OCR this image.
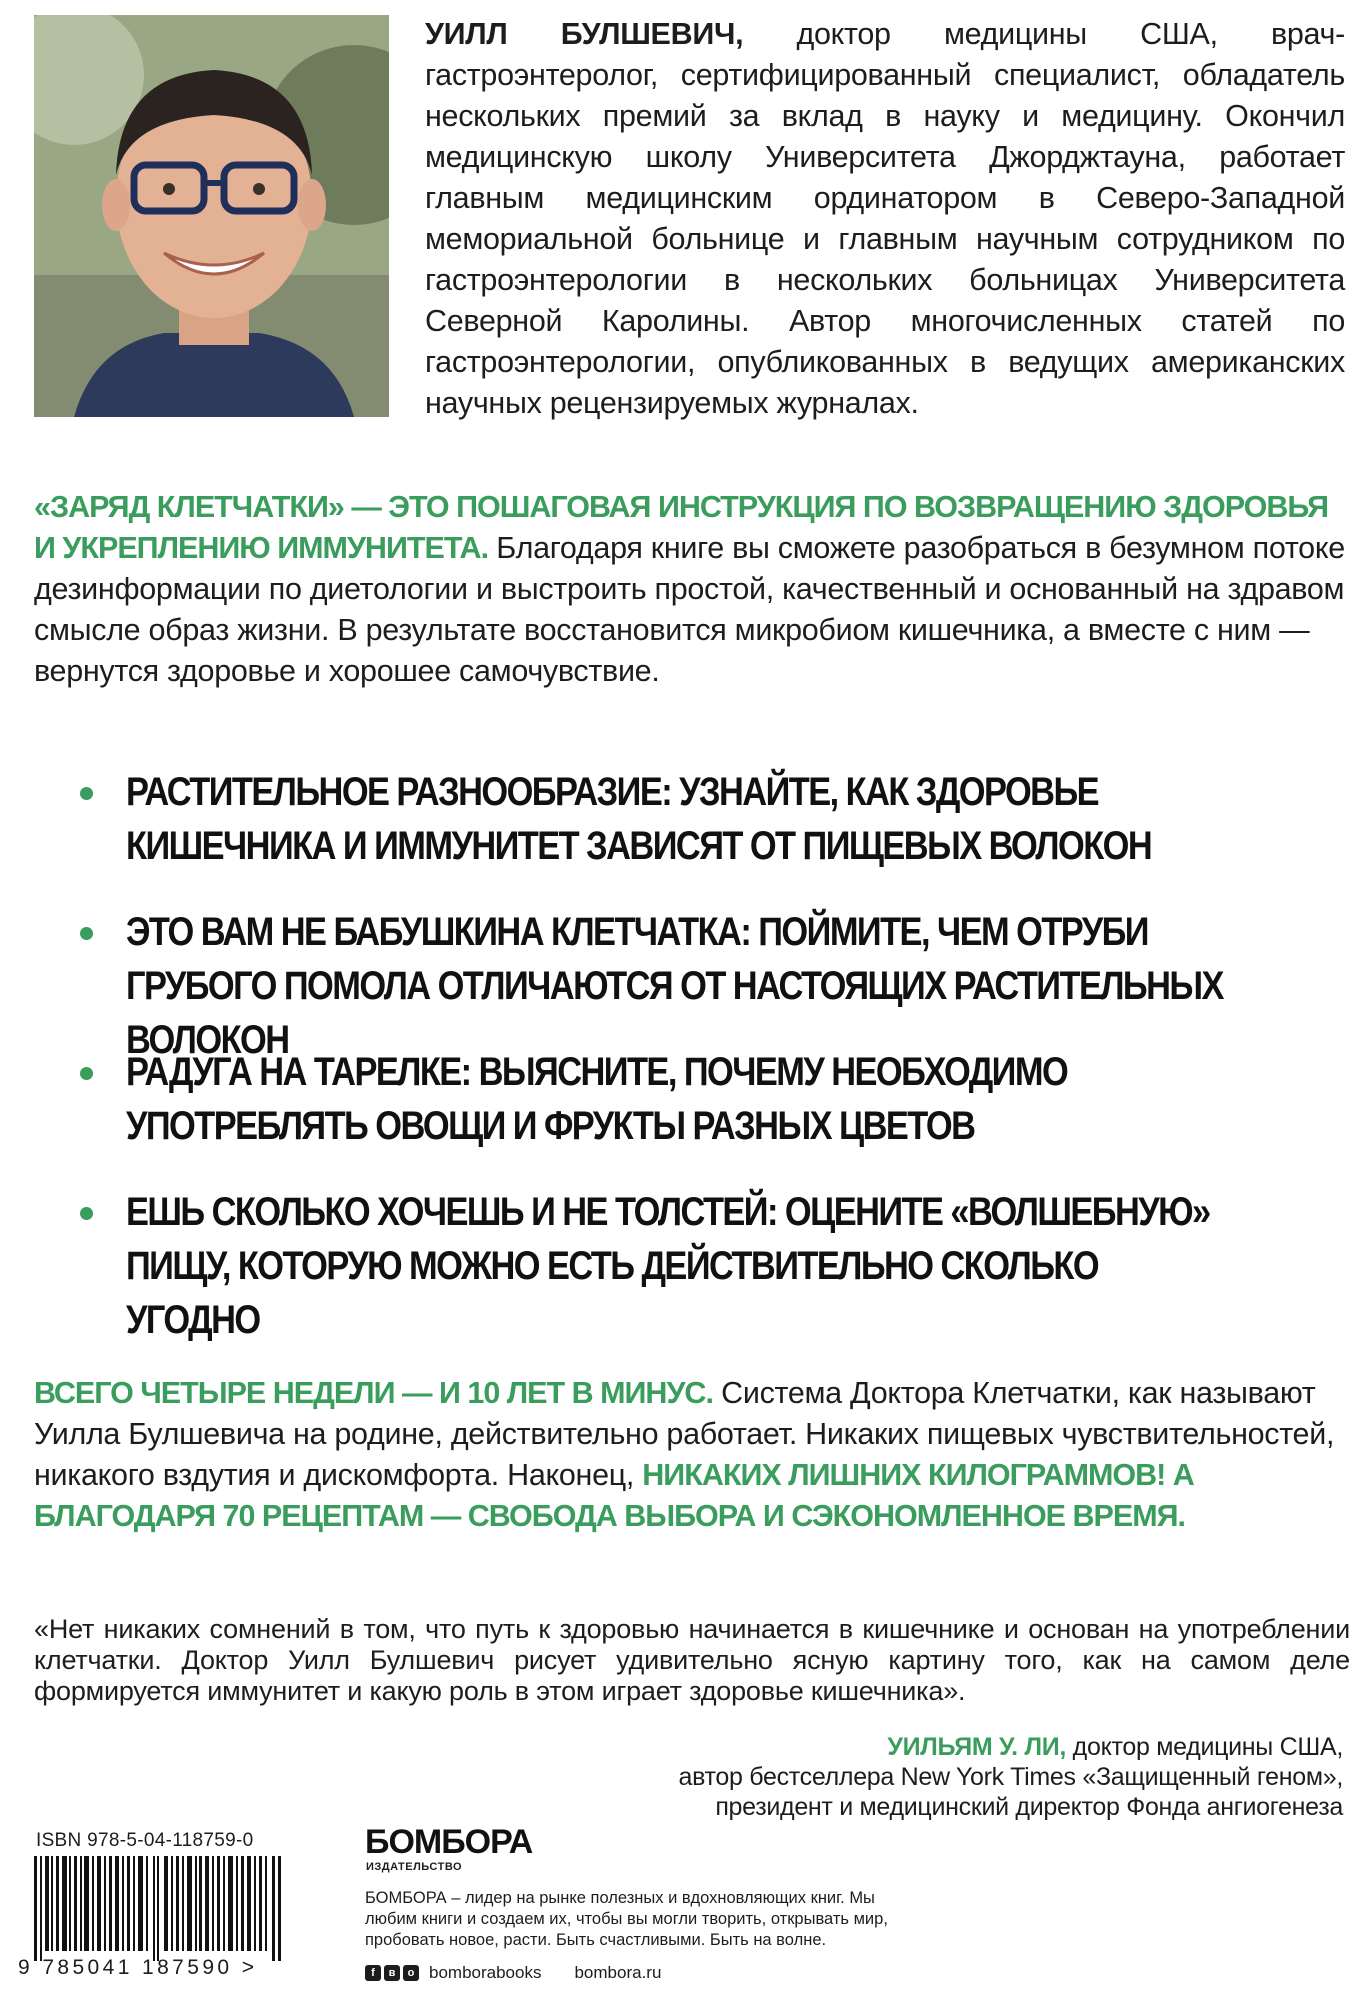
УИЛЛ БУЛШЕВИЧ, доктор медицины США, врач-гастроэнтеролог, сертифицированный специалист, обладатель нескольких премий за вклад в науку и медицину. Окончил медицинскую школу Университета Джорджтауна, работает главным медицинским ординатором в Северо-Западной мемориальной больнице и главным научным сотрудником по гастроэнтерологии в нескольких больницах Университета Северной Каролины. Автор многочисленных статей по гастроэнтерологии, опубликованных в ведущих американских научных рецензируемых журналах.
«ЗАРЯД КЛЕТЧАТКИ» — ЭТО ПОШАГОВАЯ ИНСТРУКЦИЯ ПО ВОЗВРАЩЕНИЮ ЗДОРОВЬЯ И УКРЕПЛЕНИЮ ИММУНИТЕТА. Благодаря книге вы сможете разобраться в безумном потоке дезинформации по диетологии и выстроить простой, качественный и основанный на здравом смысле образ жизни. В результате восстановится микробиом кишечника, а вместе с ним — вернутся здоровье и хорошее самочувствие.
РАСТИТЕЛЬНОЕ РАЗНООБРАЗИЕ: УЗНАЙТЕ, КАК ЗДОРОВЬЕ КИШЕЧНИКА И ИММУНИТЕТ ЗАВИСЯТ ОТ ПИЩЕВЫХ ВОЛОКОН
ЭТО ВАМ НЕ БАБУШКИНА КЛЕТЧАТКА: ПОЙМИТЕ, ЧЕМ ОТРУБИ ГРУБОГО ПОМОЛА ОТЛИЧАЮТСЯ ОТ НАСТОЯЩИХ РАСТИТЕЛЬНЫХ ВОЛОКОН
РАДУГА НА ТАРЕЛКЕ: ВЫЯСНИТЕ, ПОЧЕМУ НЕОБХОДИМО УПОТРЕБЛЯТЬ ОВОЩИ И ФРУКТЫ РАЗНЫХ ЦВЕТОВ
ЕШЬ СКОЛЬКО ХОЧЕШЬ И НЕ ТОЛСТЕЙ: ОЦЕНИТЕ «ВОЛШЕБНУЮ» ПИЩУ, КОТОРУЮ МОЖНО ЕСТЬ ДЕЙСТВИТЕЛЬНО СКОЛЬКО УГОДНО
ВСЕГО ЧЕТЫРЕ НЕДЕЛИ — И 10 ЛЕТ В МИНУС. Система Доктора Клетчатки, как называют Уилла Булшевича на родине, действительно работает. Никаких пищевых чувствительностей, никакого вздутия и дискомфорта. Наконец, НИКАКИХ ЛИШНИХ КИЛОГРАММОВ! А БЛАГОДАРЯ 70 РЕЦЕПТАМ — СВОБОДА ВЫБОРА И СЭКОНОМЛЕННОЕ ВРЕМЯ.
«Нет никаких сомнений в том, что путь к здоровью начинается в кишечнике и основан на употреблении клетчатки. Доктор Уилл Булшевич рисует удивительно ясную картину того, как на самом деле формируется иммунитет и какую роль в этом играет здоровье кишечника».
УИЛЬЯМ У. ЛИ, доктор медицины США,
автор бестселлера New York Times «Защищенный геном»,
президент и медицинский директор Фонда ангиогенеза
ISBN 978-5-04-118759-0
9 785041 187590 >
БОМБОРА
ИЗДАТЕЛЬСТВО
БОМБОРА – лидер на рынке полезных и вдохновляющих книг. Мы любим книги и создаем их, чтобы вы могли творить, открывать мир, пробовать новое, расти. Быть счастливыми. Быть на волне.
f	в	о bomborabooks bombora.ru
